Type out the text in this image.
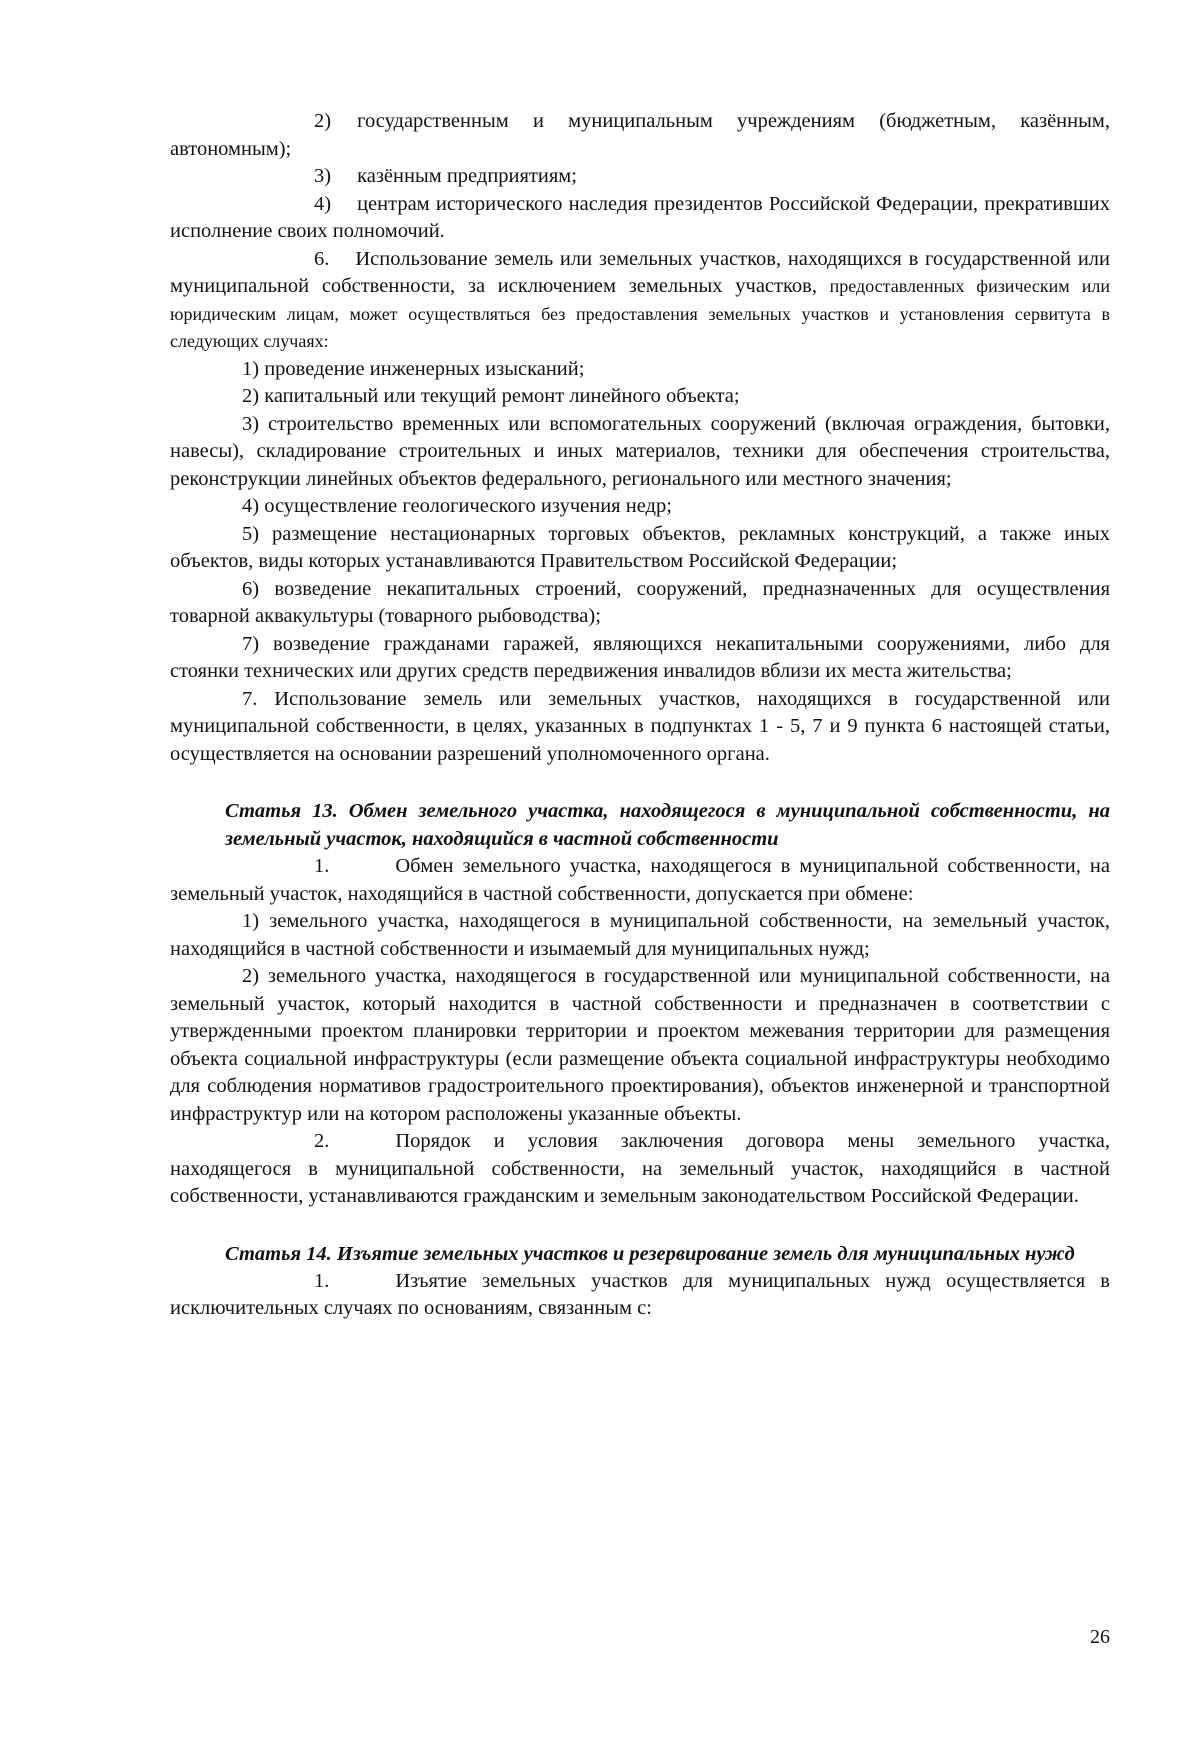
2) государственным и муниципальным учреждениям (бюджетным, казённым, автономным);

3) казённым предприятиям;

4) центрам исторического наследия президентов Российской Федерации, прекративших исполнение своих полномочий.

6. Использование земель или земельных участков, находящихся в государственной или муниципальной собственности, за исключением земельных участков, предоставленных физическим или юридическим лицам, может осуществляться без предоставления земельных участков и установления сервитута в следующих случаях:

1) проведение инженерных изысканий;

2) капитальный или текущий ремонт линейного объекта;

3) строительство временных или вспомогательных сооружений (включая ограждения, бытовки, навесы), складирование строительных и иных материалов, техники для обеспечения строительства, реконструкции линейных объектов федерального, регионального или местного значения;

4) осуществление геологического изучения недр;

5) размещение нестационарных торговых объектов, рекламных конструкций, а также иных объектов, виды которых устанавливаются Правительством Российской Федерации;

6) возведение некапитальных строений, сооружений, предназначенных для осуществления товарной аквакультуры (товарного рыбоводства);

7) возведение гражданами гаражей, являющихся некапитальными сооружениями, либо для стоянки технических или других средств передвижения инвалидов вблизи их места жительства;

7. Использование земель или земельных участков, находящихся в государственной или муниципальной собственности, в целях, указанных в подпунктах 1 - 5, 7 и 9 пункта 6 настоящей статьи, осуществляется на основании разрешений уполномоченного органа.

Статья 13. Обмен земельного участка, находящегося в муниципальной собственности, на земельный участок, находящийся в частной собственности

1.	Обмен земельного участка, находящегося в муниципальной собственности, на земельный участок, находящийся в частной собственности, допускается при обмене:

1) земельного участка, находящегося в муниципальной собственности, на земельный участок, находящийся в частной собственности и изымаемый для муниципальных нужд;

2) земельного участка, находящегося в государственной или муниципальной собственности, на земельный участок, который находится в частной собственности и предназначен в соответствии с утвержденными проектом планировки территории и проектом межевания территории для размещения объекта социальной инфраструктуры (если размещение объекта социальной инфраструктуры необходимо для соблюдения нормативов градостроительного проектирования), объектов инженерной и транспортной инфраструктур или на котором расположены указанные объекты.

2.	Порядок и условия заключения договора мены земельного участка, находящегося в муниципальной собственности, на земельный участок, находящийся в частной собственности, устанавливаются гражданским и земельным законодательством Российской Федерации.

Статья 14. Изъятие земельных участков и резервирование земель для муниципальных нужд

1.	Изъятие земельных участков для муниципальных нужд осуществляется в исключительных случаях по основаниям, связанным с:

26
